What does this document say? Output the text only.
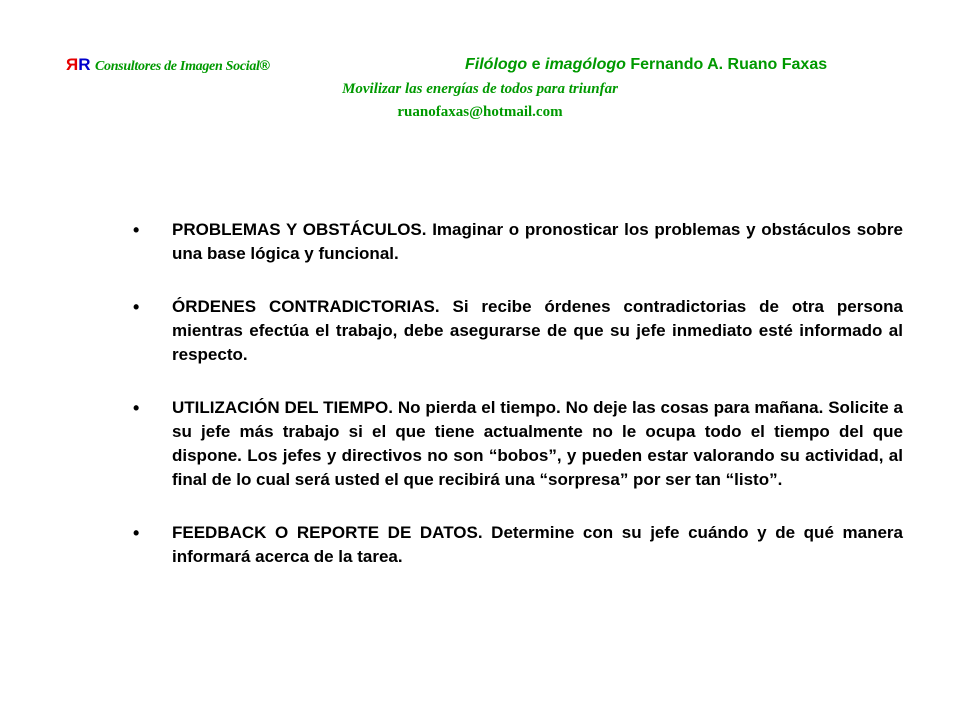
ЯR Consultores de Imagen Social®	Filólogo e imagólogo Fernando A. Ruano Faxas
Movilizar las energías de todos para triunfar
ruanofaxas@hotmail.com
• PROBLEMAS Y OBSTÁCULOS. Imaginar o pronosticar los problemas y obstáculos sobre una base lógica y funcional.
• ÓRDENES CONTRADICTORIAS. Si recibe órdenes contradictorias de otra persona mientras efectúa el trabajo, debe asegurarse de que su jefe inmediato esté informado al respecto.
• UTILIZACIÓN DEL TIEMPO. No pierda el tiempo. No deje las cosas para mañana. Solicite a su jefe más trabajo si el que tiene actualmente no le ocupa todo el tiempo del que dispone. Los jefes y directivos no son “bobos”, y pueden estar valorando su actividad, al final de lo cual será usted el que recibirá una “sorpresa” por ser tan “listo”.
• FEEDBACK O REPORTE DE DATOS. Determine con su jefe cuándo y de qué manera informará acerca de la tarea.
